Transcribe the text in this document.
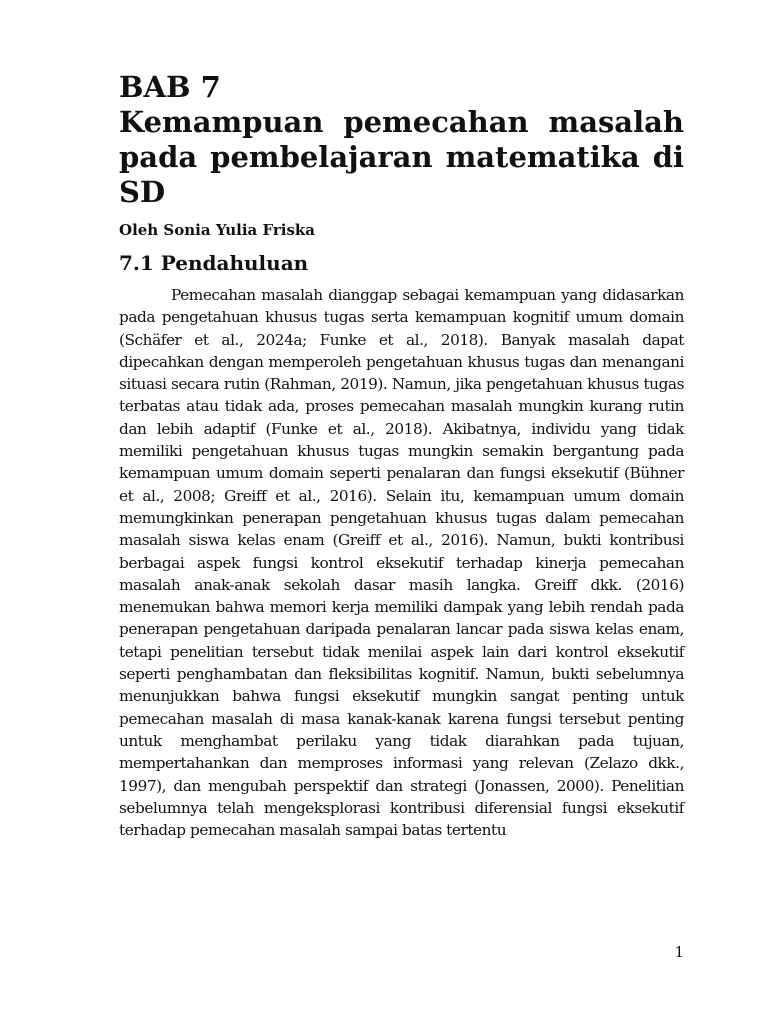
BAB 7
Kemampuan pemecahan masalah pada pembelajaran matematika di SD

Oleh Sonia Yulia Friska

7.1 Pendahuluan

Pemecahan masalah dianggap sebagai kemampuan yang didasarkan pada pengetahuan khusus tugas serta kemampuan kognitif umum domain (Schäfer et al., 2024a; Funke et al., 2018). Banyak masalah dapat dipecahkan dengan memperoleh pengetahuan khusus tugas dan menangani situasi secara rutin (Rahman, 2019). Namun, jika pengetahuan khusus tugas terbatas atau tidak ada, proses pemecahan masalah mungkin kurang rutin dan lebih adaptif (Funke et al., 2018). Akibatnya, individu yang tidak memiliki pengetahuan khusus tugas mungkin semakin bergantung pada kemampuan umum domain seperti penalaran dan fungsi eksekutif (Bühner et al., 2008; Greiff et al., 2016). Selain itu, kemampuan umum domain memungkinkan penerapan pengetahuan khusus tugas dalam pemecahan masalah siswa kelas enam (Greiff et al., 2016). Namun, bukti kontribusi berbagai aspek fungsi kontrol eksekutif terhadap kinerja pemecahan masalah anak-anak sekolah dasar masih langka. Greiff dkk. (2016) menemukan bahwa memori kerja memiliki dampak yang lebih rendah pada penerapan pengetahuan daripada penalaran lancar pada siswa kelas enam, tetapi penelitian tersebut tidak menilai aspek lain dari kontrol eksekutif seperti penghambatan dan fleksibilitas kognitif. Namun, bukti sebelumnya menunjukkan bahwa fungsi eksekutif mungkin sangat penting untuk pemecahan masalah di masa kanak-kanak karena fungsi tersebut penting untuk menghambat perilaku yang tidak diarahkan pada tujuan, mempertahankan dan memproses informasi yang relevan (Zelazo dkk., 1997), dan mengubah perspektif dan strategi (Jonassen, 2000). Penelitian sebelumnya telah mengeksplorasi kontribusi diferensial fungsi eksekutif terhadap pemecahan masalah sampai batas tertentu

1
